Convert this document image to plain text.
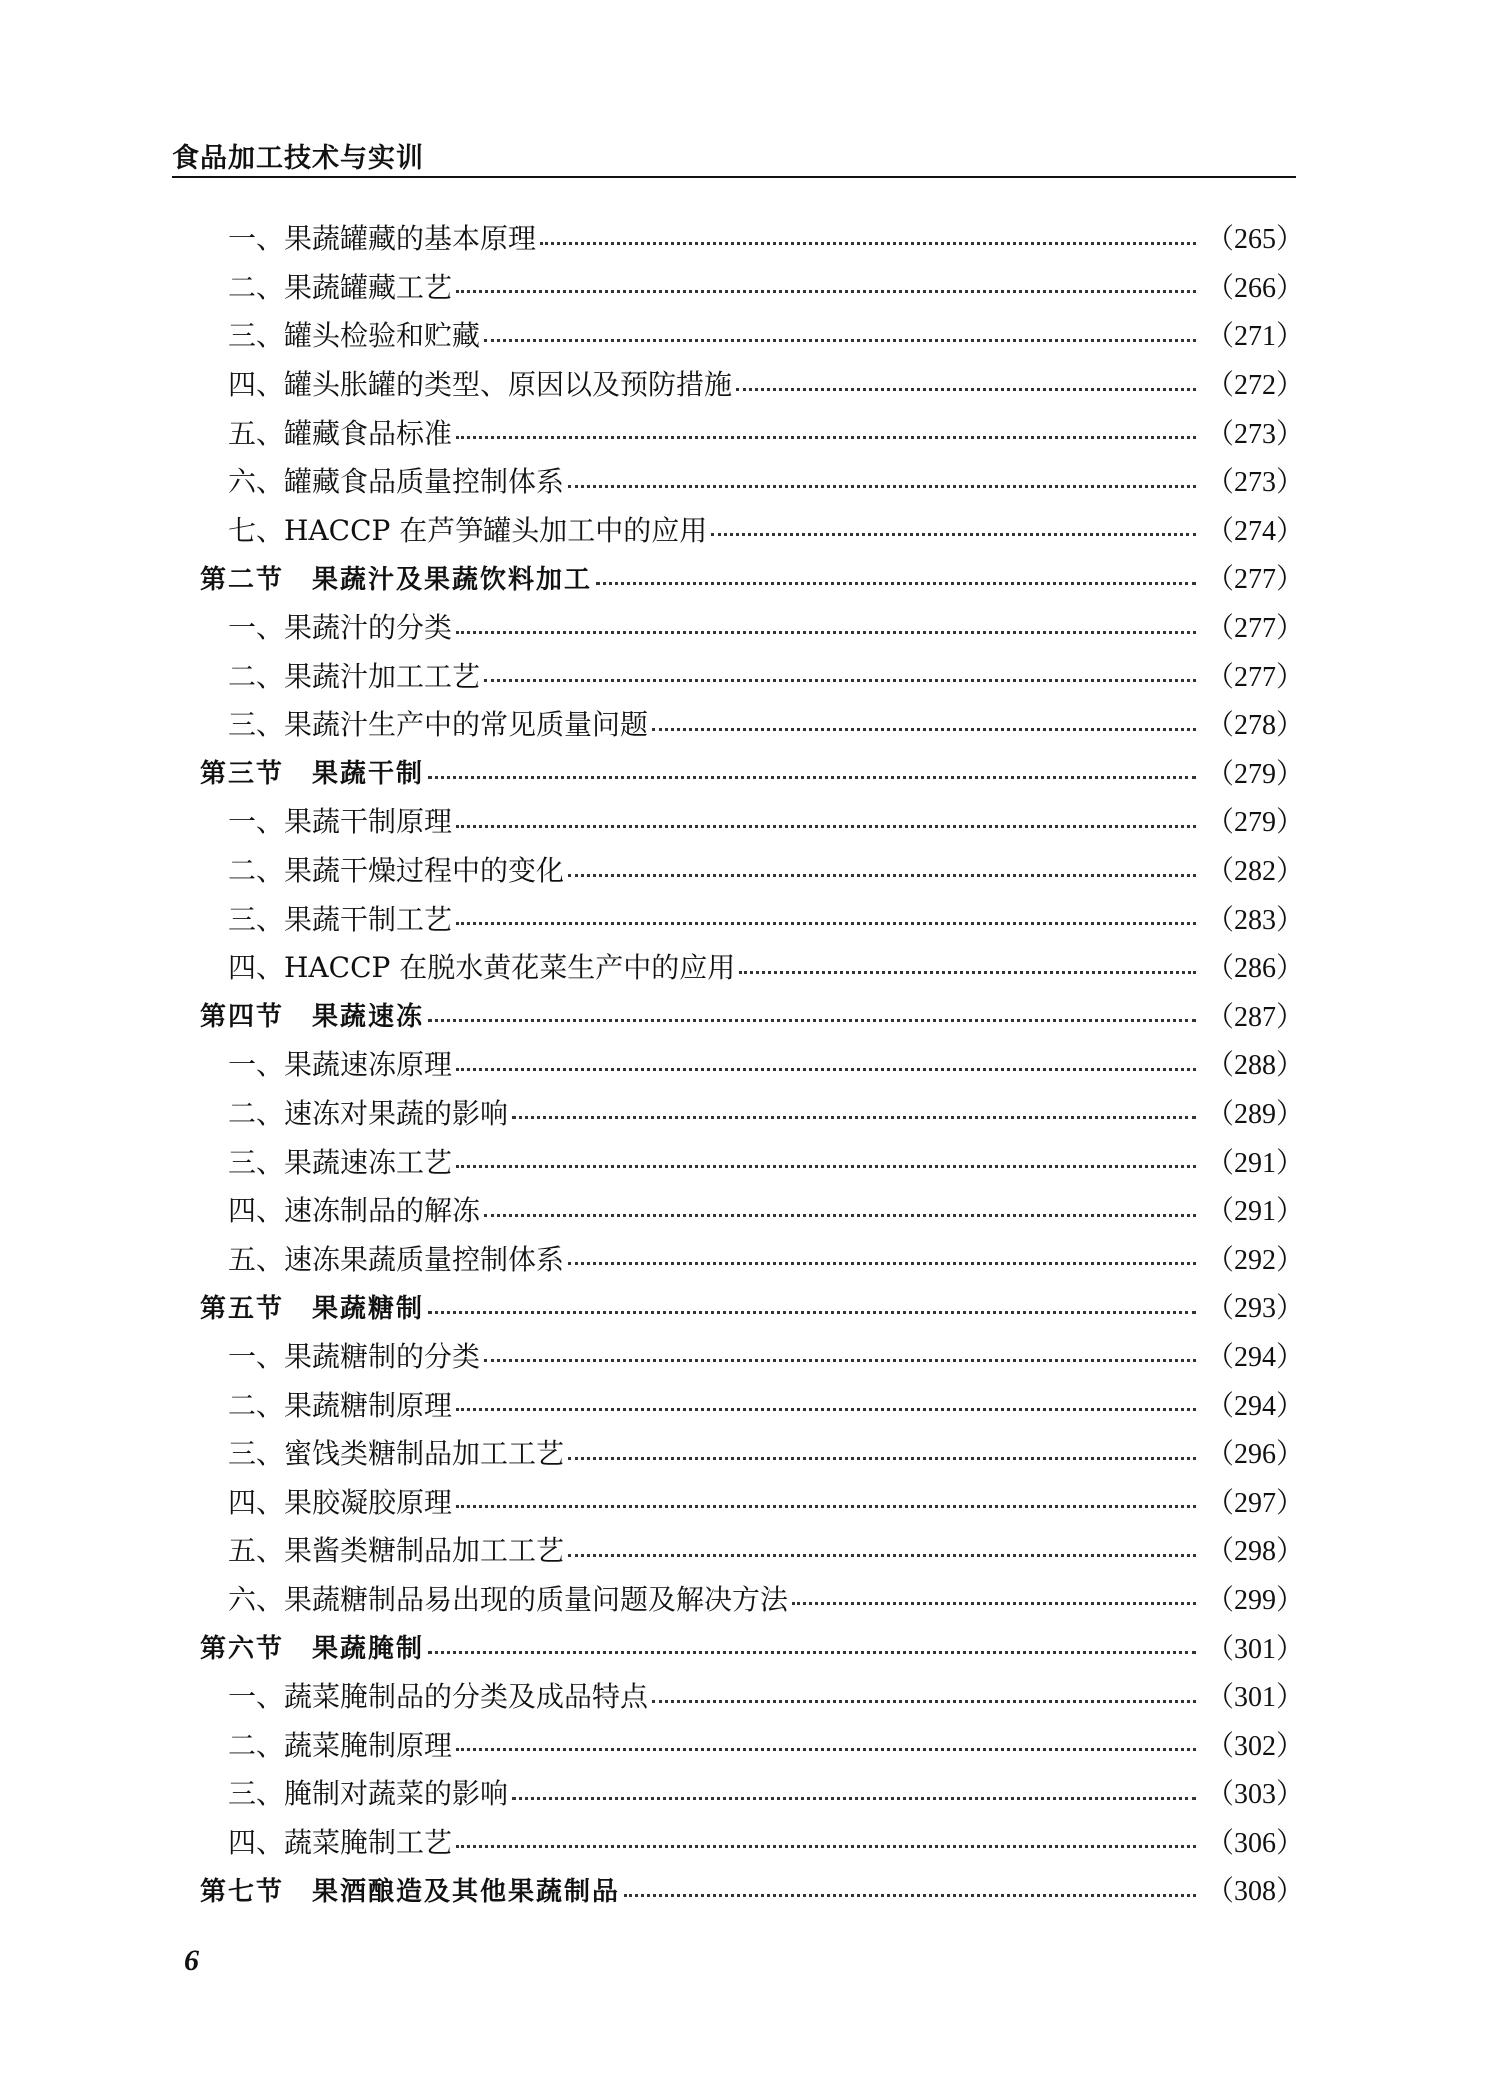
食品加工技术与实训
一、果蔬罐藏的基本原理	（265）
二、果蔬罐藏工艺	（266）
三、罐头检验和贮藏	（271）
四、罐头胀罐的类型、原因以及预防措施	（272）
五、罐藏食品标准	（273）
六、罐藏食品质量控制体系	（273）
七、HACCP 在芦笋罐头加工中的应用	（274）
第二节　果蔬汁及果蔬饮料加工	（277）
一、果蔬汁的分类	（277）
二、果蔬汁加工工艺	（277）
三、果蔬汁生产中的常见质量问题	（278）
第三节　果蔬干制	（279）
一、果蔬干制原理	（279）
二、果蔬干燥过程中的变化	（282）
三、果蔬干制工艺	（283）
四、HACCP 在脱水黄花菜生产中的应用	（286）
第四节　果蔬速冻	（287）
一、果蔬速冻原理	（288）
二、速冻对果蔬的影响	（289）
三、果蔬速冻工艺	（291）
四、速冻制品的解冻	（291）
五、速冻果蔬质量控制体系	（292）
第五节　果蔬糖制	（293）
一、果蔬糖制的分类	（294）
二、果蔬糖制原理	（294）
三、蜜饯类糖制品加工工艺	（296）
四、果胶凝胶原理	（297）
五、果酱类糖制品加工工艺	（298）
六、果蔬糖制品易出现的质量问题及解决方法	（299）
第六节　果蔬腌制	（301）
一、蔬菜腌制品的分类及成品特点	（301）
二、蔬菜腌制原理	（302）
三、腌制对蔬菜的影响	（303）
四、蔬菜腌制工艺	（306）
第七节　果酒酿造及其他果蔬制品	（308）
6
